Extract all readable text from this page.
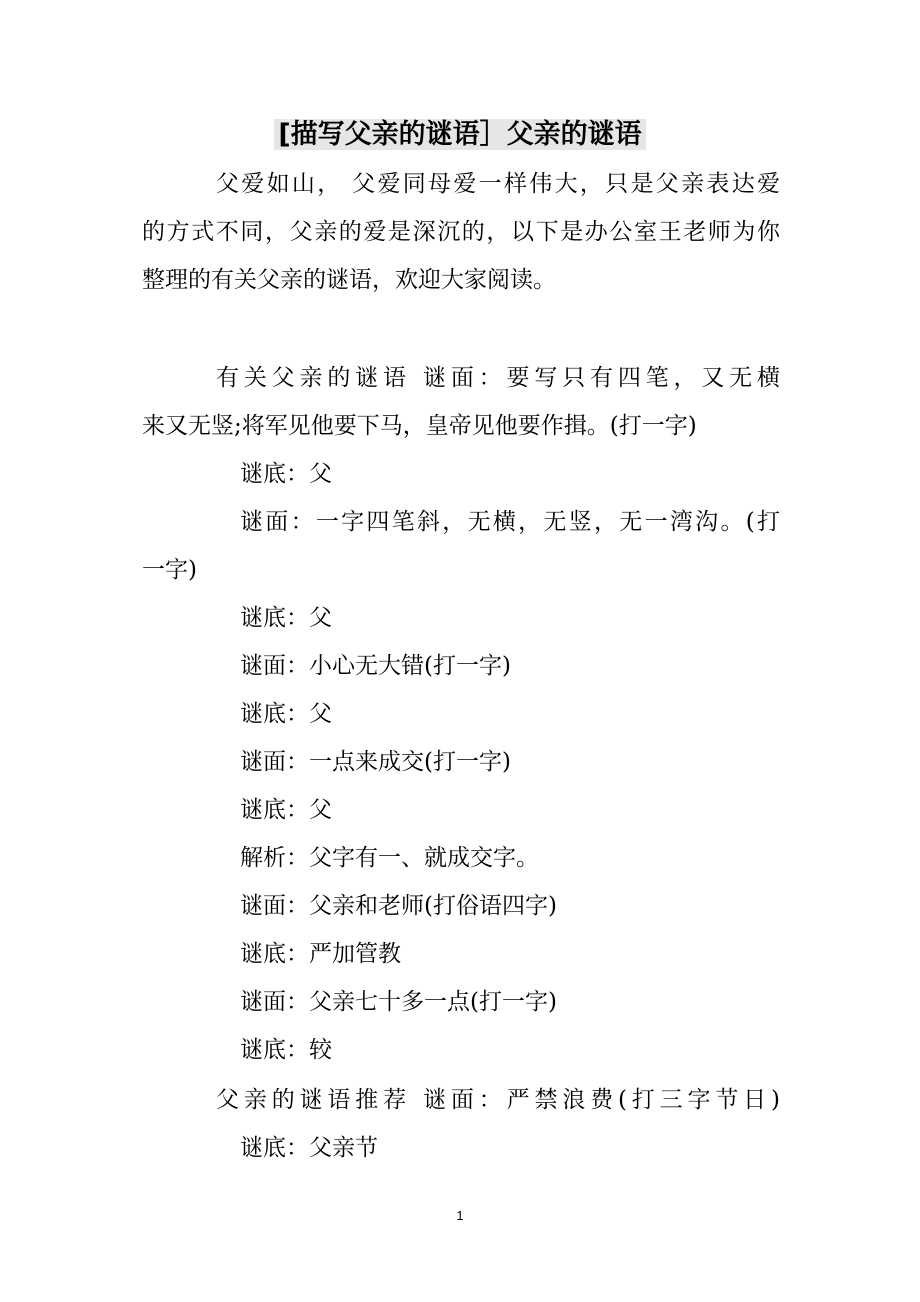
[描写父亲的谜语］父亲的谜语
父爱如山， 父爱同母爱一样伟大，只是父亲表达爱
的方式不同，父亲的爱是深沉的，以下是办公室王老师为你
整理的有关父亲的谜语，欢迎大家阅读。
有关父亲的谜语 谜面：要写只有四笔，又无横
来又无竖;将军见他要下马，皇帝见他要作揖。(打一字)
谜底：父
谜面：一字四笔斜，无横，无竖，无一湾沟。(打
一字)
谜底：父
谜面：小心无大错(打一字)
谜底：父
谜面：一点来成交(打一字)
谜底：父
解析：父字有一、就成交字。
谜面：父亲和老师(打俗语四字)
谜底：严加管教
谜面：父亲七十多一点(打一字)
谜底：较
父亲的谜语推荐 谜面：严禁浪费(打三字节日)
谜底：父亲节
1
